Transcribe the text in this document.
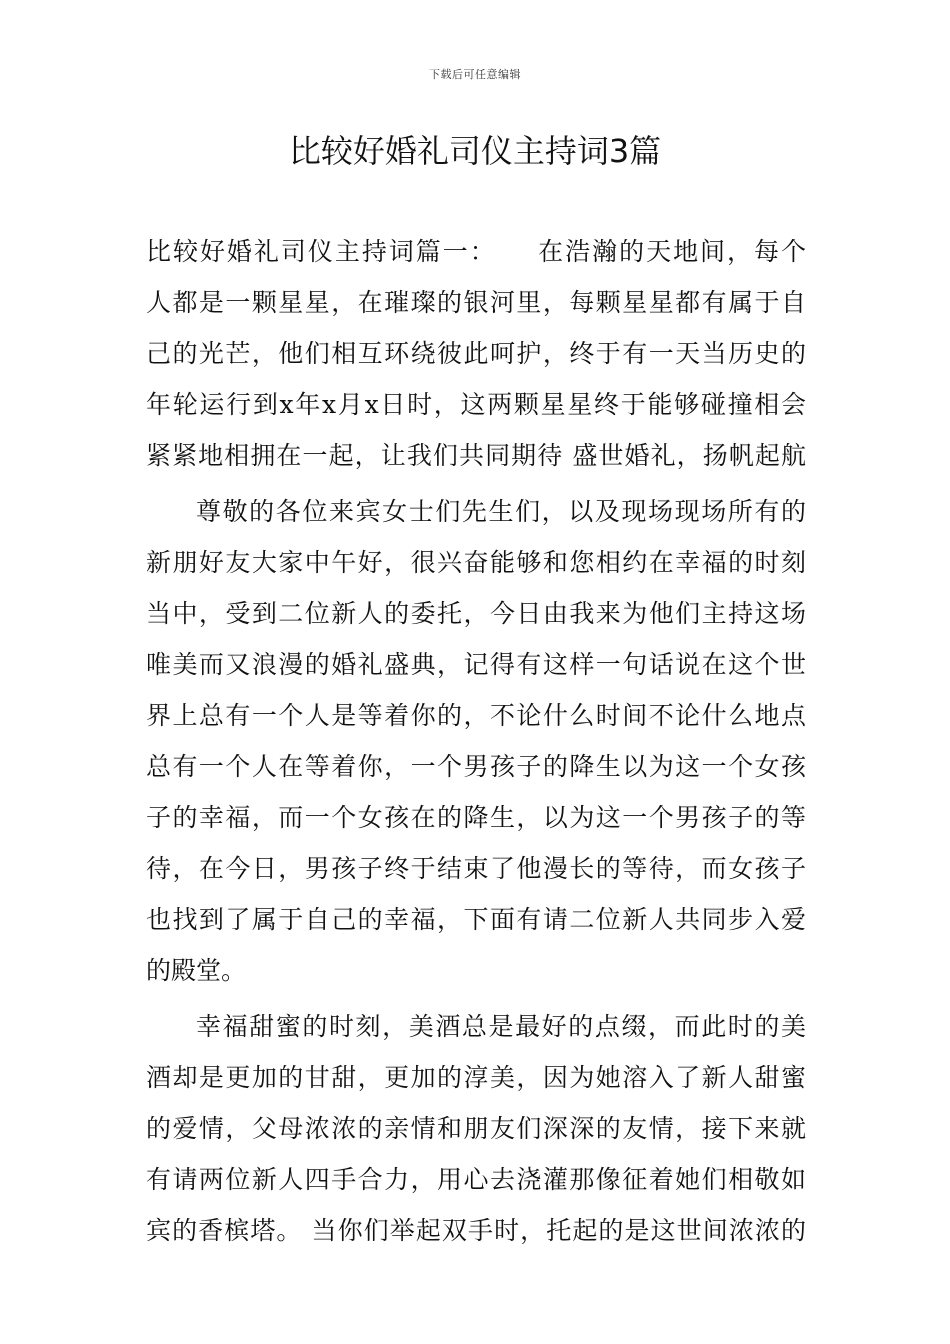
下载后可任意编辑
比较好婚礼司仪主持词3篇
比较好婚礼司仪主持词篇一：　　在浩瀚的天地间，每个
人都是一颗星星，在璀璨的银河里，每颗星星都有属于自
己的光芒，他们相互环绕彼此呵护，终于有一天当历史的
年轮运行到x年x月x日时，这两颗星星终于能够碰撞相会
紧紧地相拥在一起，让我们共同期待 盛世婚礼，扬帆起航
尊敬的各位来宾女士们先生们，以及现场现场所有的
新朋好友大家中午好，很兴奋能够和您相约在幸福的时刻
当中，受到二位新人的委托，今日由我来为他们主持这场
唯美而又浪漫的婚礼盛典，记得有这样一句话说在这个世
界上总有一个人是等着你的，不论什么时间不论什么地点
总有一个人在等着你，一个男孩子的降生以为这一个女孩
子的幸福，而一个女孩在的降生，以为这一个男孩子的等
待，在今日，男孩子终于结束了他漫长的等待，而女孩子
也找到了属于自己的幸福，下面有请二位新人共同步入爱
的殿堂。
幸福甜蜜的时刻，美酒总是最好的点缀，而此时的美
酒却是更加的甘甜，更加的淳美，因为她溶入了新人甜蜜
的爱情，父母浓浓的亲情和朋友们深深的友情，接下来就
有请两位新人四手合力，用心去浇灌那像征着她们相敬如
宾的香槟塔。 当你们举起双手时，托起的是这世间浓浓的
